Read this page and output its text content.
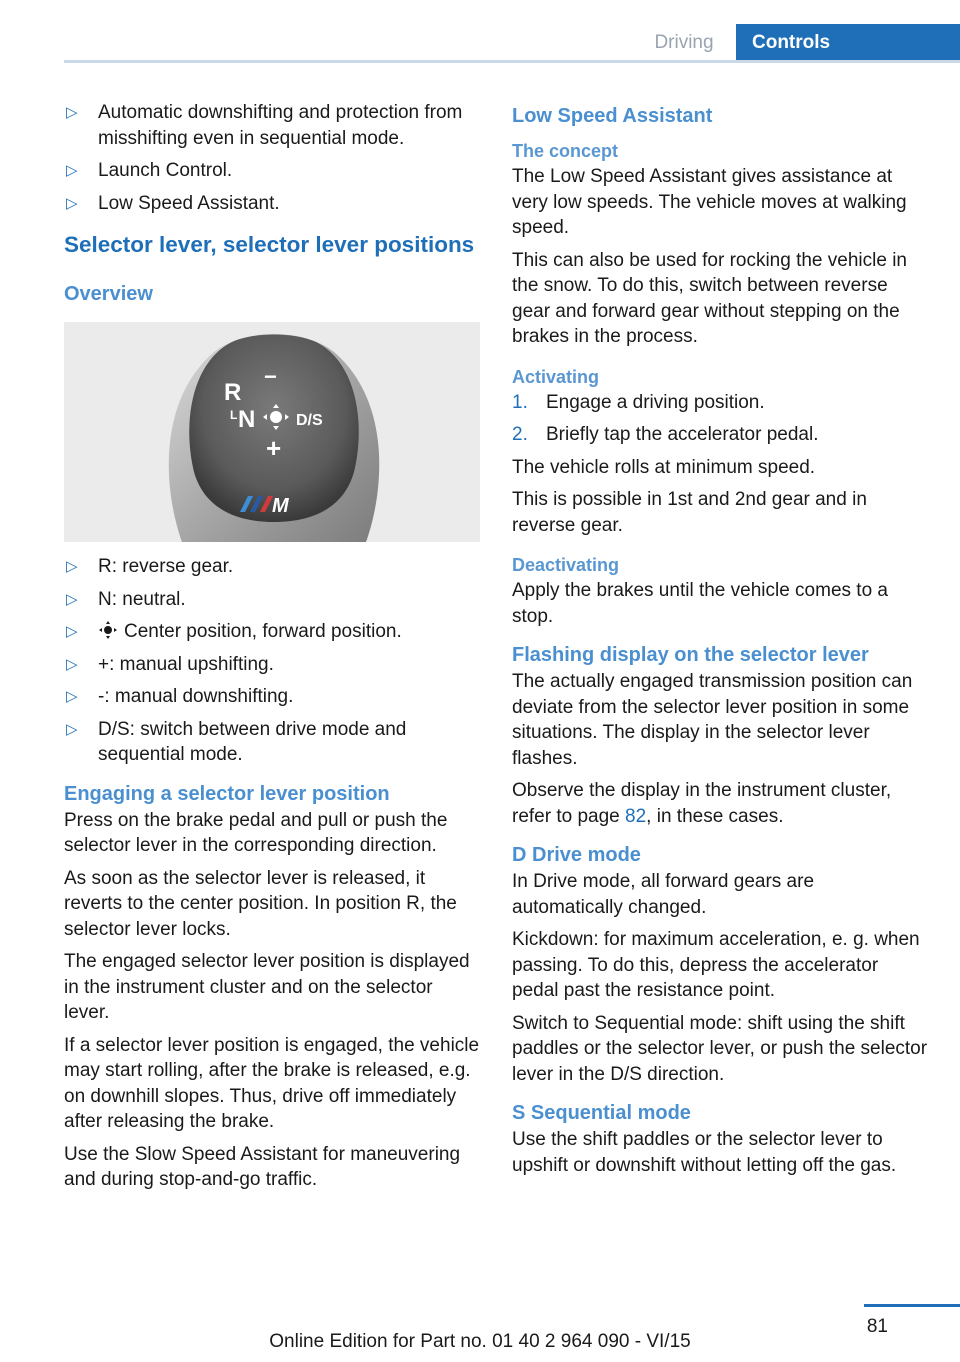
Driving	Controls
▷ Automatic downshifting and protection from misshifting even in sequential mode.
▷ Launch Control.
▷ Low Speed Assistant.
Selector lever, selector lever positions
Overview
R
−
L N	D/S
+
M
▷ R: reverse gear.
▷ N: neutral.
▷ Center position, forward position.
▷ +: manual upshifting.
▷ -: manual downshifting.
▷ D/S: switch between drive mode and sequential mode.
Engaging a selector lever position

Press on the brake pedal and pull or push the selector lever in the corresponding direction.

As soon as the selector lever is released, it reverts to the center position. In position R, the selector lever locks.

The engaged selector lever position is displayed in the instrument cluster and on the selector lever.

If a selector lever position is engaged, the vehicle may start rolling, after the brake is released, e.g. on downhill slopes. Thus, drive off immediately after releasing the brake.

Use the Slow Speed Assistant for maneuvering and during stop-and-go traffic.

Low Speed Assistant
The concept

The Low Speed Assistant gives assistance at very low speeds. The vehicle moves at walking speed.

This can also be used for rocking the vehicle in the snow. To do this, switch between reverse gear and forward gear without stepping on the brakes in the process.

Activating
1. Engage a driving position.
2. Briefly tap the accelerator pedal.

The vehicle rolls at minimum speed.

This is possible in 1st and 2nd gear and in reverse gear.

Deactivating

Apply the brakes until the vehicle comes to a stop.

Flashing display on the selector lever

The actually engaged transmission position can deviate from the selector lever position in some situations. The display in the selector lever flashes.

Observe the display in the instrument cluster, refer to page 82, in these cases.

D Drive mode

In Drive mode, all forward gears are automatically changed.

Kickdown: for maximum acceleration, e. g. when passing. To do this, depress the accelerator pedal past the resistance point.

Switch to Sequential mode: shift using the shift paddles or the selector lever, or push the selector lever in the D/S direction.

S Sequential mode

Use the shift paddles or the selector lever to upshift or downshift without letting off the gas.

81
Online Edition for Part no. 01 40 2 964 090 - VI/15
